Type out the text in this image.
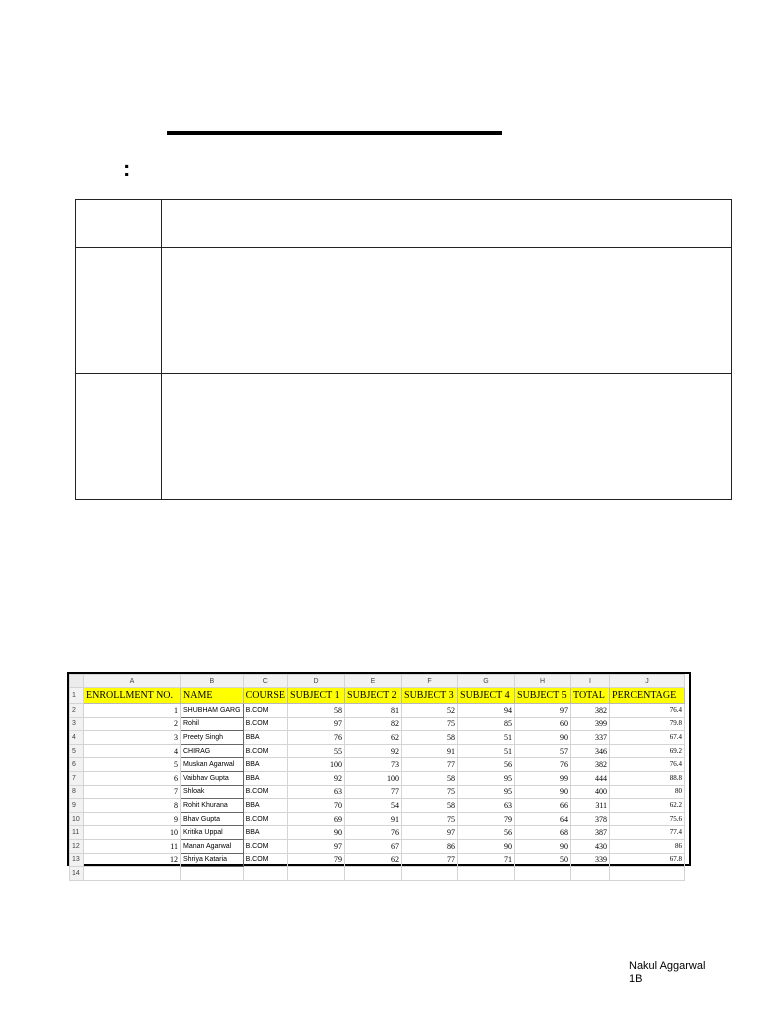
:

	A	B	C	D	E	F	G	H	I	J
1	ENROLLMENT NO.	NAME	COURSE	SUBJECT 1	SUBJECT 2	SUBJECT 3	SUBJECT 4	SUBJECT 5	TOTAL	PERCENTAGE
2	1	SHUBHAM GARG	B.COM	58	81	52	94	97	382	76.4
3	2	Rohil	B.COM	97	82	75	85	60	399	79.8
4	3	Preety Singh	BBA	76	62	58	51	90	337	67.4
5	4	CHIRAG	B.COM	55	92	91	51	57	346	69.2
6	5	Muskan Agarwal	BBA	100	73	77	56	76	382	76.4
7	6	Vaibhav Gupta	BBA	92	100	58	95	99	444	88.8
8	7	Shloak	B.COM	63	77	75	95	90	400	80
9	8	Rohit Khurana	BBA	70	54	58	63	66	311	62.2
10	9	Bhav Gupta	B.COM	69	91	75	79	64	378	75.6
11	10	Kritika Uppal	BBA	90	76	97	56	68	387	77.4
12	11	Manan Agarwal	B.COM	97	67	86	90	90	430	86
13	12	Shriya Kataria	B.COM	79	62	77	71	50	339	67.8
14										
Nakul Aggarwal
1B
